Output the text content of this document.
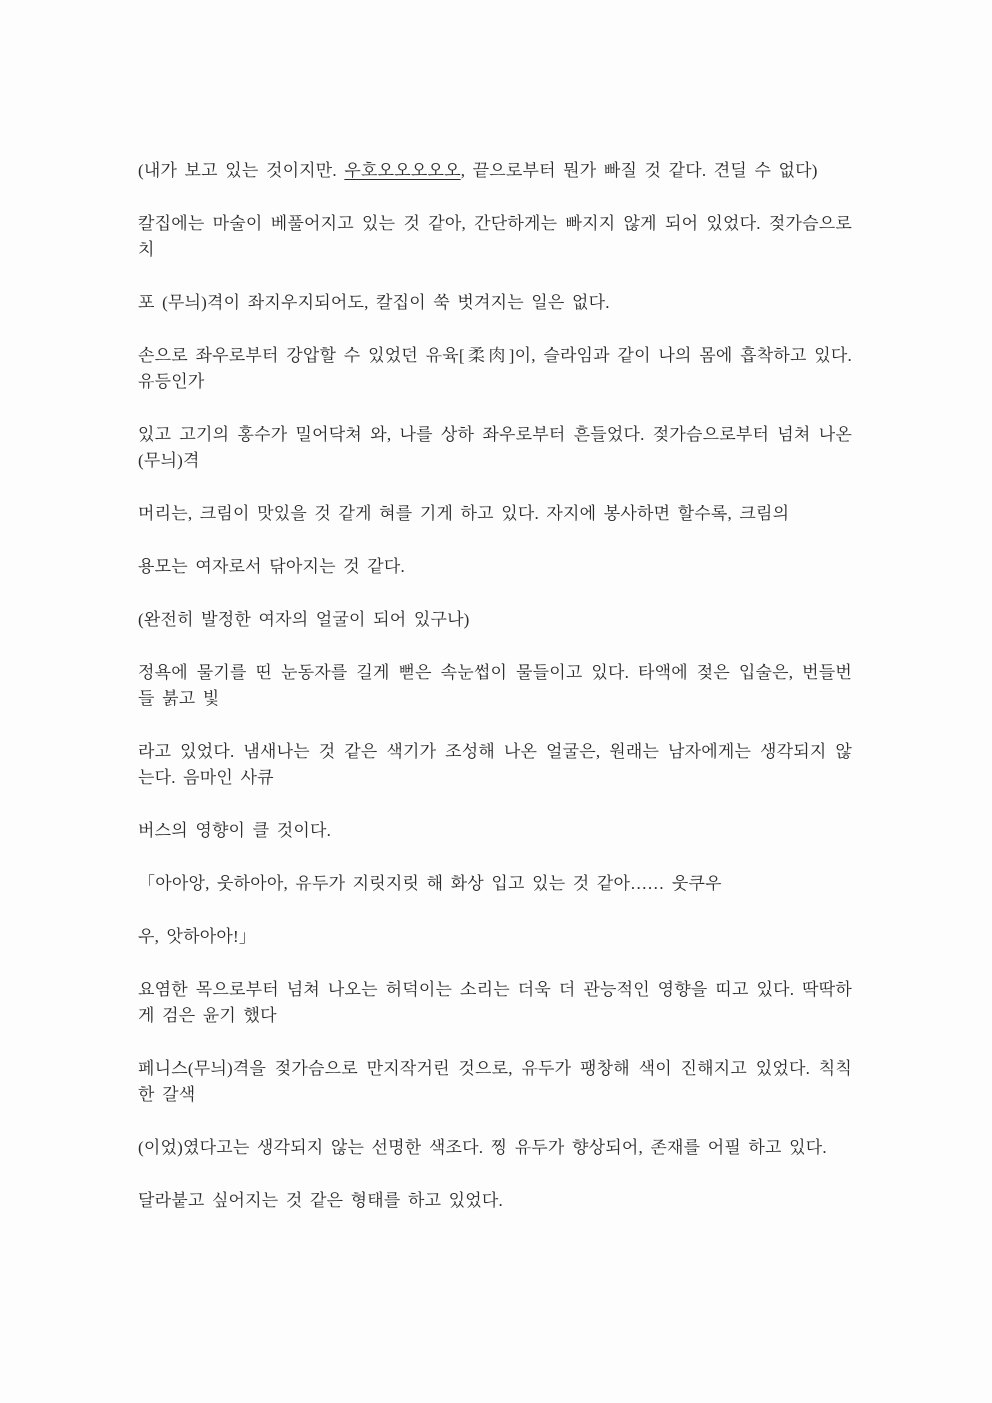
(내가 보고 있는 것이지만. 우호오오오오오, 끝으로부터 뭔가 빠질 것 같다. 견딜 수 없다)
칼집에는 마술이 베풀어지고 있는 것 같아, 간단하게는 빠지지 않게 되어 있었다. 젖가슴으로
치
포 (무늬)격이 좌지우지되어도, 칼집이 쑥 벗겨지는 일은 없다.
손으로 좌우로부터 강압할 수 있었던 유육[柔肉]이, 슬라임과 같이 나의 몸에 흡착하고 있다.
유등인가
있고 고기의 홍수가 밀어닥쳐 와, 나를 상하 좌우로부터 흔들었다. 젖가슴으로부터 넘쳐 나온
(무늬)격
머리는, 크림이 맛있을 것 같게 혀를 기게 하고 있다. 자지에 봉사하면 할수록, 크림의
용모는 여자로서 닦아지는 것 같다.
(완전히 발정한 여자의 얼굴이 되어 있구나)
정욕에 물기를 띤 눈동자를 길게 뻗은 속눈썹이 물들이고 있다. 타액에 젖은 입술은, 번들번
들 붉고 빛
라고 있었다. 냄새나는 것 같은 색기가 조성해 나온 얼굴은, 원래는 남자에게는 생각되지 않
는다. 음마인 사큐
버스의 영향이 클 것이다.
「아아앙, 웃하아아, 유두가 지릿지릿 해 화상 입고 있는 것 같아…… 웃쿠우
우, 앗하아아!」
요염한 목으로부터 넘쳐 나오는 허덕이는 소리는 더욱 더 관능적인 영향을 띠고 있다. 딱딱하
게 검은 윤기 했다
페니스(무늬)격을 젖가슴으로 만지작거린 것으로, 유두가 팽창해 색이 진해지고 있었다. 칙칙
한 갈색
(이었)였다고는 생각되지 않는 선명한 색조다. 찡 유두가 향상되어, 존재를 어필 하고 있다.
달라붙고 싶어지는 것 같은 형태를 하고 있었다.
